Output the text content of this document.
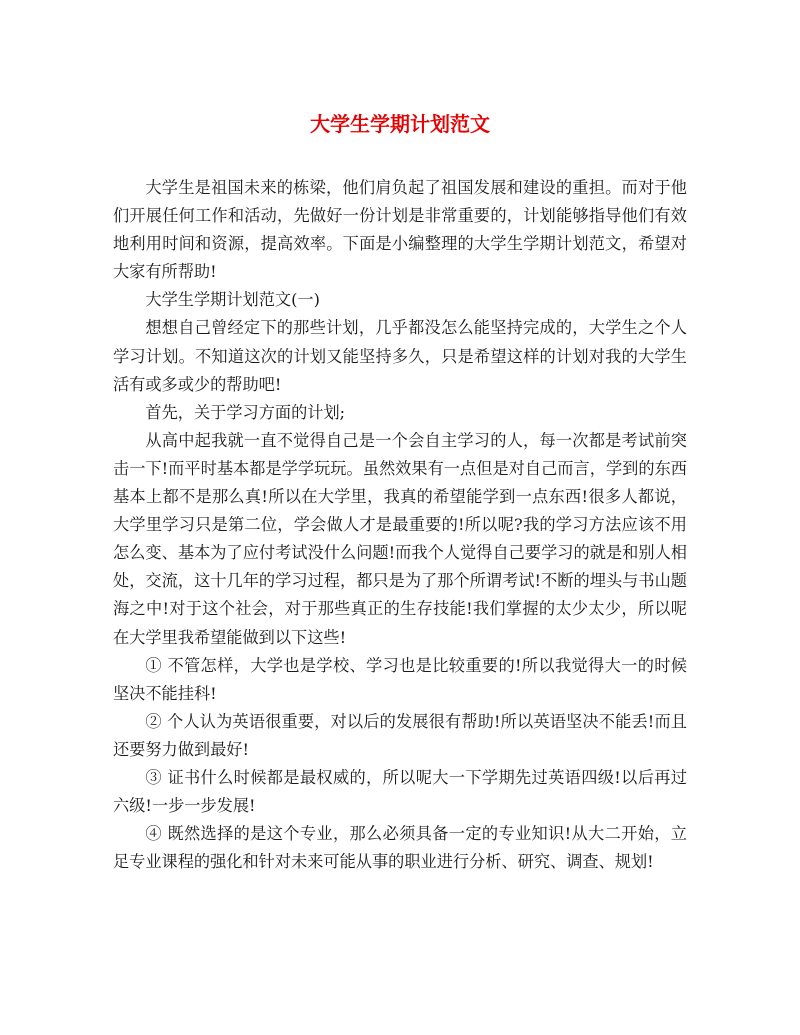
大学生学期计划范文

大学生是祖国未来的栋梁，他们肩负起了祖国发展和建设的重担。而对于他们开展任何工作和活动，先做好一份计划是非常重要的，计划能够指导他们有效地利用时间和资源，提高效率。下面是小编整理的大学生学期计划范文，希望对大家有所帮助!

大学生学期计划范文(一)

想想自己曾经定下的那些计划，几乎都没怎么能坚持完成的，大学生之个人学习计划。不知道这次的计划又能坚持多久，只是希望这样的计划对我的大学生活有或多或少的帮助吧!

首先，关于学习方面的计划;

从高中起我就一直不觉得自己是一个会自主学习的人，每一次都是考试前突击一下!而平时基本都是学学玩玩。虽然效果有一点但是对自己而言，学到的东西基本上都不是那么真!所以在大学里，我真的希望能学到一点东西!很多人都说，大学里学习只是第二位，学会做人才是最重要的!所以呢?我的学习方法应该不用怎么变、基本为了应付考试没什么问题!而我个人觉得自己要学习的就是和别人相处，交流，这十几年的学习过程，都只是为了那个所谓考试!不断的埋头与书山题海之中!对于这个社会，对于那些真正的生存技能!我们掌握的太少太少，所以呢在大学里我希望能做到以下这些!

① 不管怎样，大学也是学校、学习也是比较重要的!所以我觉得大一的时候坚决不能挂科!

② 个人认为英语很重要，对以后的发展很有帮助!所以英语坚决不能丢!而且还要努力做到最好!

③ 证书什么时候都是最权威的，所以呢大一下学期先过英语四级!以后再过六级!一步一步发展!

④ 既然选择的是这个专业，那么必须具备一定的专业知识!从大二开始，立足专业课程的强化和针对未来可能从事的职业进行分析、研究、调查、规划!
